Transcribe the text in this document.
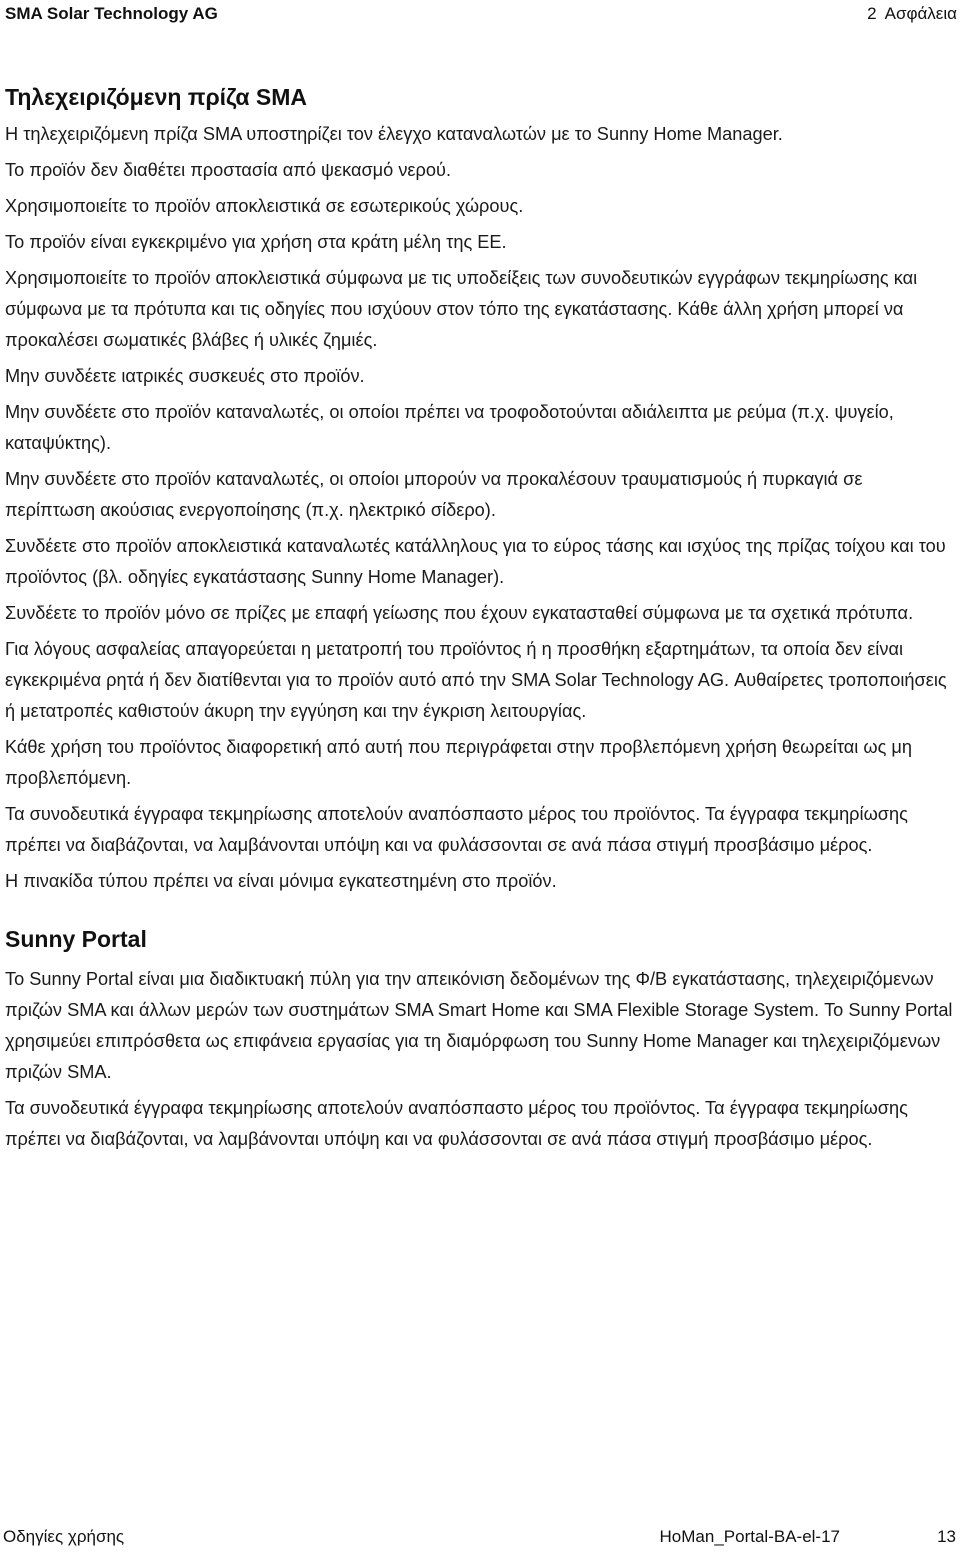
SMA Solar Technology AG	2 Ασφάλεια
Τηλεχειριζόμενη πρίζα SMA

Η τηλεχειριζόμενη πρίζα SMA υποστηρίζει τον έλεγχο καταναλωτών με το Sunny Home Manager.

Το προϊόν δεν διαθέτει προστασία από ψεκασμό νερού.

Χρησιμοποιείτε το προϊόν αποκλειστικά σε εσωτερικούς χώρους.

Το προϊόν είναι εγκεκριμένο για χρήση στα κράτη μέλη της ΕΕ.

Χρησιμοποιείτε το προϊόν αποκλειστικά σύμφωνα με τις υποδείξεις των συνοδευτικών εγγράφων τεκμηρίωσης και σύμφωνα με τα πρότυπα και τις οδηγίες που ισχύουν στον τόπο της εγκατάστασης. Κάθε άλλη χρήση μπορεί να προκαλέσει σωματικές βλάβες ή υλικές ζημιές.

Μην συνδέετε ιατρικές συσκευές στο προϊόν.

Μην συνδέετε στο προϊόν καταναλωτές, οι οποίοι πρέπει να τροφοδοτούνται αδιάλειπτα με ρεύμα (π.χ. ψυγείο, καταψύκτης).

Μην συνδέετε στο προϊόν καταναλωτές, οι οποίοι μπορούν να προκαλέσουν τραυματισμούς ή πυρκαγιά σε περίπτωση ακούσιας ενεργοποίησης (π.χ. ηλεκτρικό σίδερο).

Συνδέετε στο προϊόν αποκλειστικά καταναλωτές κατάλληλους για το εύρος τάσης και ισχύος της πρίζας τοίχου και του προϊόντος (βλ. οδηγίες εγκατάστασης Sunny Home Manager).

Συνδέετε το προϊόν μόνο σε πρίζες με επαφή γείωσης που έχουν εγκατασταθεί σύμφωνα με τα σχετικά πρότυπα.

Για λόγους ασφαλείας απαγορεύεται η μετατροπή του προϊόντος ή η προσθήκη εξαρτημάτων, τα οποία δεν είναι εγκεκριμένα ρητά ή δεν διατίθενται για το προϊόν αυτό από την SMA Solar Technology AG. Αυθαίρετες τροποποιήσεις ή μετατροπές καθιστούν άκυρη την εγγύηση και την έγκριση λειτουργίας.

Κάθε χρήση του προϊόντος διαφορετική από αυτή που περιγράφεται στην προβλεπόμενη χρήση θεωρείται ως μη προβλεπόμενη.

Τα συνοδευτικά έγγραφα τεκμηρίωσης αποτελούν αναπόσπαστο μέρος του προϊόντος. Τα έγγραφα τεκμηρίωσης πρέπει να διαβάζονται, να λαμβάνονται υπόψη και να φυλάσσονται σε ανά πάσα στιγμή προσβάσιμο μέρος.

Η πινακίδα τύπου πρέπει να είναι μόνιμα εγκατεστημένη στο προϊόν.

Sunny Portal

Το Sunny Portal είναι μια διαδικτυακή πύλη για την απεικόνιση δεδομένων της Φ/Β εγκατάστασης, τηλεχειριζόμενων πριζών SMA και άλλων μερών των συστημάτων SMA Smart Home και SMA Flexible Storage System. Το Sunny Portal χρησιμεύει επιπρόσθετα ως επιφάνεια εργασίας για τη διαμόρφωση του Sunny Home Manager και τηλεχειριζόμενων πριζών SMA.

Τα συνοδευτικά έγγραφα τεκμηρίωσης αποτελούν αναπόσπαστο μέρος του προϊόντος. Τα έγγραφα τεκμηρίωσης πρέπει να διαβάζονται, να λαμβάνονται υπόψη και να φυλάσσονται σε ανά πάσα στιγμή προσβάσιμο μέρος.

Οδηγίες χρήσης	HoMan_Portal-BA-el-17	13
